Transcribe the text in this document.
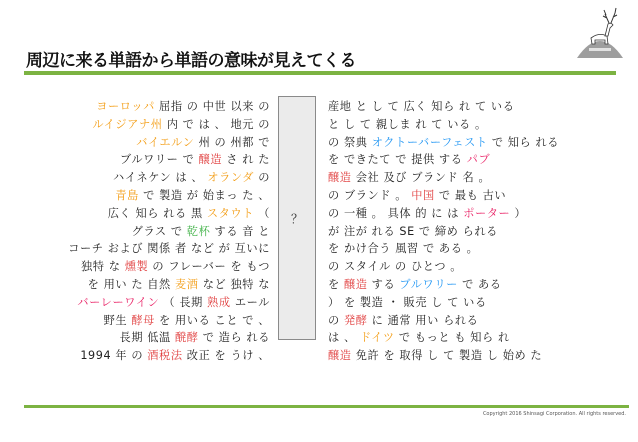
周辺に来る単語から単語の意味が見えてくる
ヨーロッパ 屈指 の 中世 以来 の
ルイジアナ州 内 で は 、 地元 の
バイエルン 州 の 州都 で
ブルワリー で 醸造 さ れ た
ハイネケン は 、 オランダ の
青島 で 製造 が 始まっ た 、
広く 知ら れる 黒 スタウト （
グラス で 乾杯 する 音 と
コーチ および 関係 者 など が 互いに
独特 な 燻製 の フレーバー を もつ
を 用い た 自然 麦酒 など 独特 な
バーレーワイン （ 長期 熟成 エール
野生 酵母 を 用いる こと で 、
長期 低温 醗酵 で 造ら れる
1994 年 の 酒税法 改正 を うけ 、
？
産地 と し て 広く 知ら れ て いる
と し て 親しま れ て いる 。
の 祭典 オクトーバーフェスト で 知ら れる
を できたて で 提供 する パブ
醸造 会社 及び ブランド 名 。
の ブランド 。 中国 で 最も 古い
の 一種 。 具体 的 に は ポーター ）
が 注が れる SE で 締め られる
を かけ合う 風習 で ある 。
の スタイル の ひとつ 。
を 醸造 する ブルワリー で ある
） を 製造 ・ 販売 し て いる
の 発酵 に 通常 用い られる
は 、 ドイツ で もっと も 知ら れ
醸造 免許 を 取得 し て 製造 し 始め た
Copyright 2016 Shinsagi Corporation. All rights reserved.
